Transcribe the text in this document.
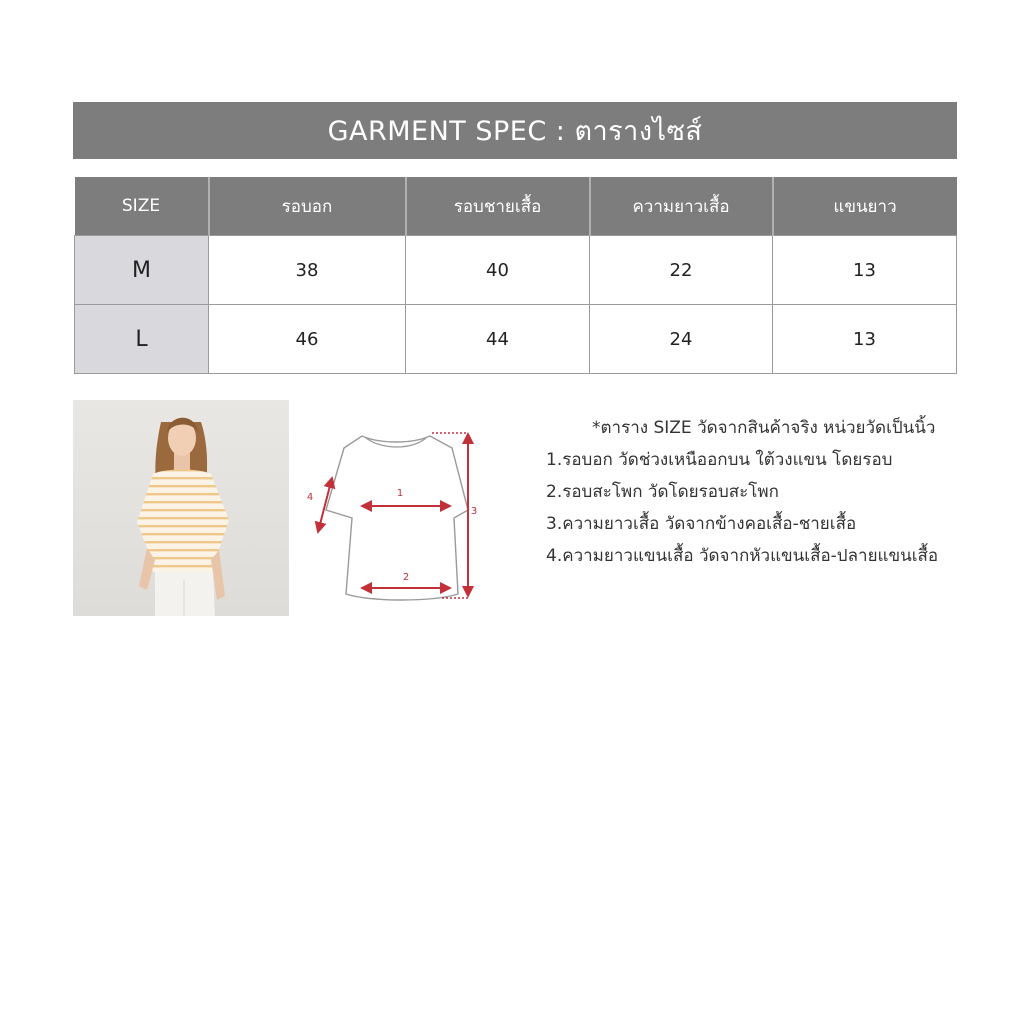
GARMENT SPEC : ตารางไซส์
SIZE	รอบอก	รอบชายเสื้อ	ความยาวเสื้อ	แขนยาว
M	38	40	22	13
L	46	44	24	13
1
2
3
4
*ตาราง SIZE วัดจากสินค้าจริง หน่วยวัดเป็นนิ้ว
1.รอบอก วัดช่วงเหนืออกบน ใต้วงแขน โดยรอบ
2.รอบสะโพก วัดโดยรอบสะโพก
3.ความยาวเสื้อ วัดจากข้างคอเสื้อ-ชายเสื้อ
4.ความยาวแขนเสื้อ วัดจากหัวแขนเสื้อ-ปลายแขนเสื้อ
